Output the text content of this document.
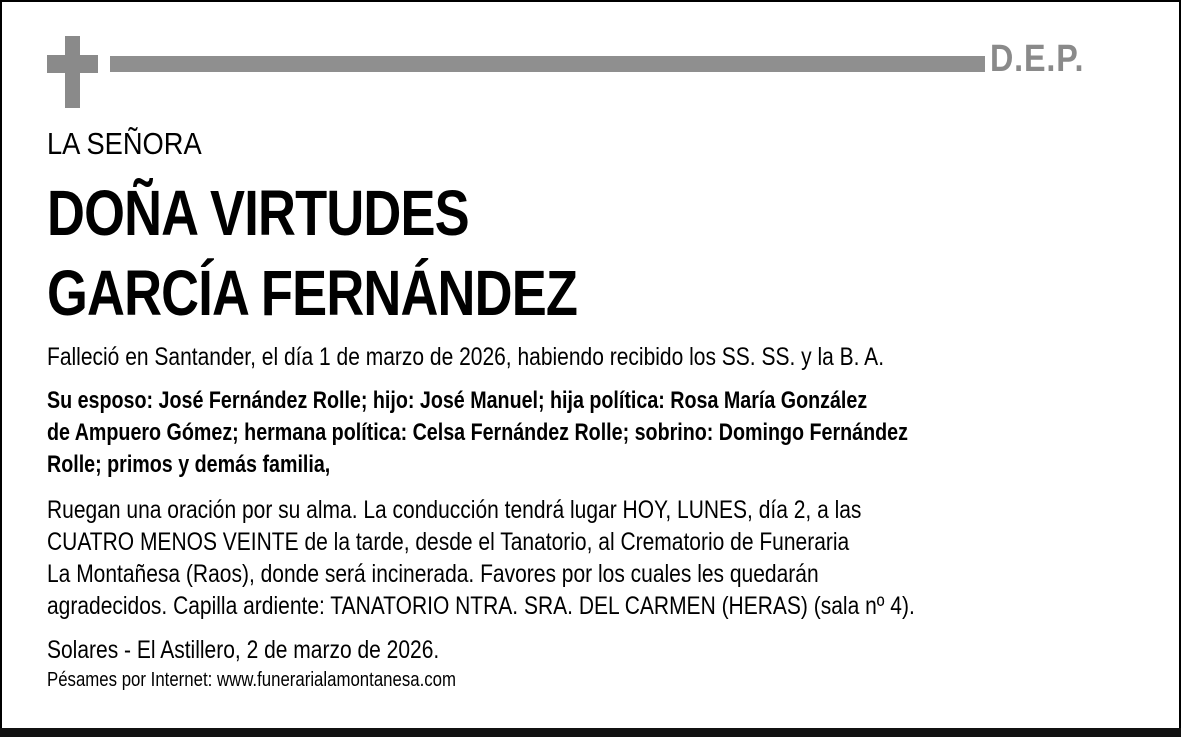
D.E.P.
LA SEÑORA
DOÑA VIRTUDES
GARCÍA FERNÁNDEZ
Falleció en Santander, el día 1 de marzo de 2026, habiendo recibido los SS. SS. y la B. A.
Su esposo: José Fernández Rolle; hijo: José Manuel; hija política: Rosa María González
de Ampuero Gómez; hermana política: Celsa Fernández Rolle; sobrino: Domingo Fernández
Rolle; primos y demás familia,
Ruegan una oración por su alma. La conducción tendrá lugar HOY, LUNES, día 2, a las
CUATRO MENOS VEINTE de la tarde, desde el Tanatorio, al Crematorio de Funeraria
La Montañesa (Raos), donde será incinerada. Favores por los cuales les quedarán
agradecidos. Capilla ardiente: TANATORIO NTRA. SRA. DEL CARMEN (HERAS) (sala nº 4).
Solares - El Astillero, 2 de marzo de 2026.
Pésames por Internet: www.funerarialamontanesa.com
